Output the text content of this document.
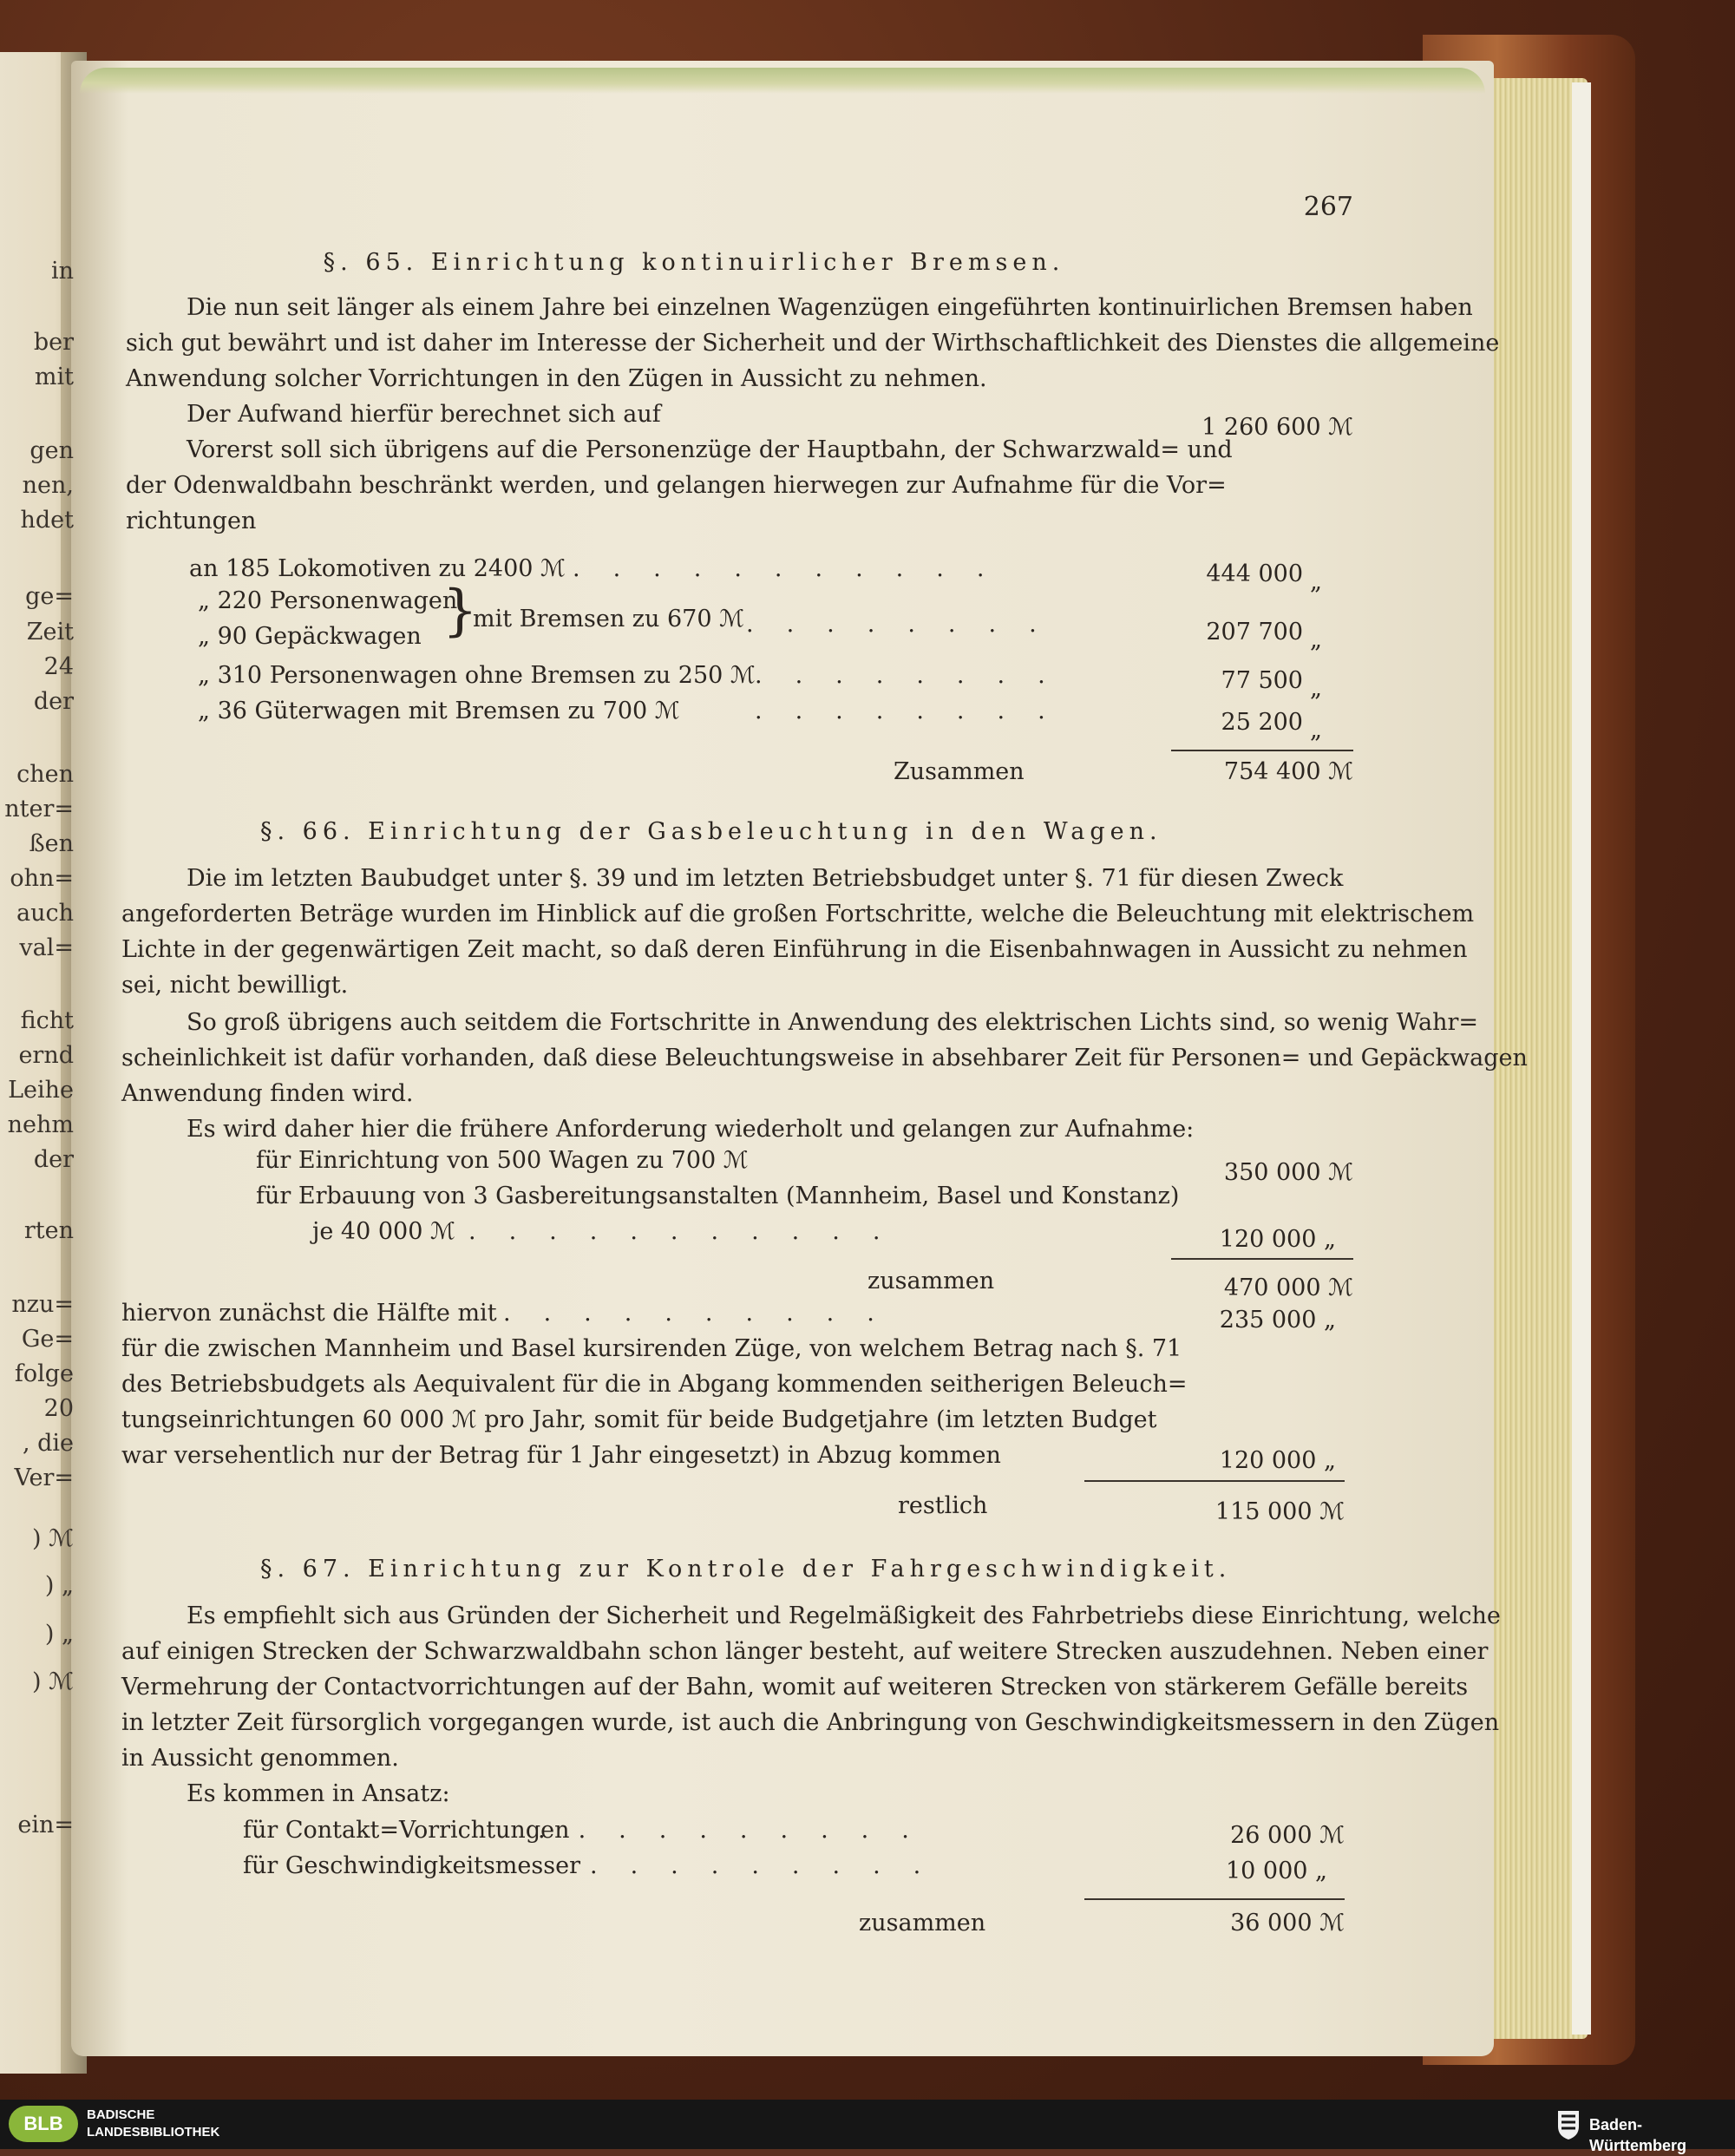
in
ber
mit
gen
nen,
hdet
ge=
Zeit
24
der
chen
nter=
ßen
ohn=
auch
val=
ficht
ernd
Leihe
nehm
der
rten
nzu=
Ge=
folge
20
, die
Ver=
) ℳ
) „
) „
) ℳ
ein=
267
§. 65. Einrichtung kontinuirlicher Bremsen.
Die nun seit länger als einem Jahre bei einzelnen Wagenzügen eingeführten kontinuirlichen Bremsen haben
sich gut bewährt und ist daher im Interesse der Sicherheit und der Wirthschaftlichkeit des Dienstes die allgemeine
Anwendung solcher Vorrichtungen in den Zügen in Aussicht zu nehmen.
Der Aufwand hierfür berechnet sich auf	1 260 600 ℳ
Vorerst soll sich übrigens auf die Personenzüge der Hauptbahn, der Schwarzwald= und
der Odenwaldbahn beschränkt werden, und gelangen hierwegen zur Aufnahme für die Vor=
richtungen
an 185 Lokomotiven zu 2400 ℳ ...........	444 000 „
„ 220 Personenwagen
„ 90 Gepäckwagen }
mit Bremsen zu 670 ℳ ........	207 700 „
„ 310 Personenwagen ohne Bremsen zu 250 ℳ ........	77 500 „
„ 36 Güterwagen mit Bremsen zu 700 ℳ	........	25 200 „
Zusammen	754 400 ℳ
§. 66. Einrichtung der Gasbeleuchtung in den Wagen.
Die im letzten Baubudget unter §. 39 und im letzten Betriebsbudget unter §. 71 für diesen Zweck
angeforderten Beträge wurden im Hinblick auf die großen Fortschritte, welche die Beleuchtung mit elektrischem
Lichte in der gegenwärtigen Zeit macht, so daß deren Einführung in die Eisenbahnwagen in Aussicht zu nehmen
sei, nicht bewilligt.
So groß übrigens auch seitdem die Fortschritte in Anwendung des elektrischen Lichts sind, so wenig Wahr=
scheinlichkeit ist dafür vorhanden, daß diese Beleuchtungsweise in absehbarer Zeit für Personen= und Gepäckwagen
Anwendung finden wird.
Es wird daher hier die frühere Anforderung wiederholt und gelangen zur Aufnahme:
für Einrichtung von 500 Wagen zu 700 ℳ	350 000 ℳ
für Erbauung von 3 Gasbereitungsanstalten (Mannheim, Basel und Konstanz)
je 40 000 ℳ ...........	120 000 „
zusammen	470 000 ℳ
hiervon zunächst die Hälfte mit ..........	235 000 „
für die zwischen Mannheim und Basel kursirenden Züge, von welchem Betrag nach §. 71
des Betriebsbudgets als Aequivalent für die in Abgang kommenden seitherigen Beleuch=
tungseinrichtungen 60 000 ℳ pro Jahr, somit für beide Budgetjahre (im letzten Budget
war versehentlich nur der Betrag für 1 Jahr eingesetzt) in Abzug kommen	120 000 „
restlich	115 000 ℳ
§. 67. Einrichtung zur Kontrole der Fahrgeschwindigkeit.
Es empfiehlt sich aus Gründen der Sicherheit und Regelmäßigkeit des Fahrbetriebs diese Einrichtung, welche
auf einigen Strecken der Schwarzwaldbahn schon länger besteht, auf weitere Strecken auszudehnen. Neben einer
Vermehrung der Contactvorrichtungen auf der Bahn, womit auf weiteren Strecken von stärkerem Gefälle bereits
in letzter Zeit fürsorglich vorgegangen wurde, ist auch die Anbringung von Geschwindigkeitsmessern in den Zügen
in Aussicht genommen.
Es kommen in Ansatz:
für Contakt=Vorrichtungen
..........	26 000 ℳ
für Geschwindigkeitsmesser .........	10 000 „
zusammen	36 000 ℳ
BLB	BADISCHE
LANDESBIBLIOTHEK	Baden-Württemberg
